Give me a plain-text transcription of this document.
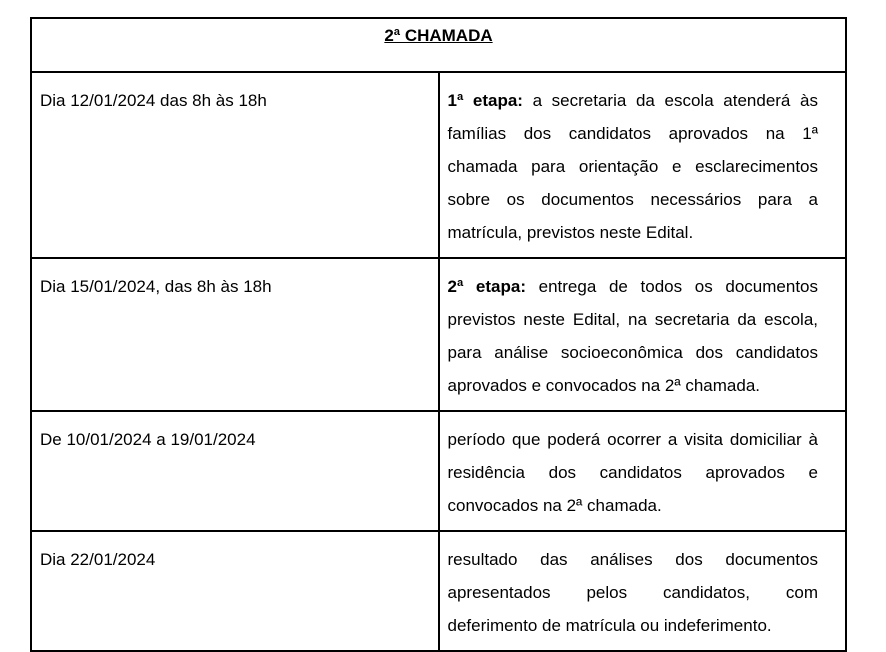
2ª CHAMADA	
Dia 12/01/2024 das 8h às 18h	1ª etapa: a secretaria da escola atenderá às famílias dos candidatos aprovados na 1ª chamada para orientação e esclarecimentos sobre os documentos necessários para a matrícula, previstos neste Edital.
Dia 15/01/2024, das 8h às 18h	2ª etapa: entrega de todos os documentos previstos neste Edital, na secretaria da escola, para análise socioeconômica dos candidatos aprovados e convocados na 2ª chamada.
De 10/01/2024 a 19/01/2024	período que poderá ocorrer a visita domiciliar à residência dos candidatos aprovados e convocados na 2ª chamada.
Dia 22/01/2024	resultado das análises dos documentos apresentados pelos candidatos, com deferimento de matrícula ou indeferimento.
